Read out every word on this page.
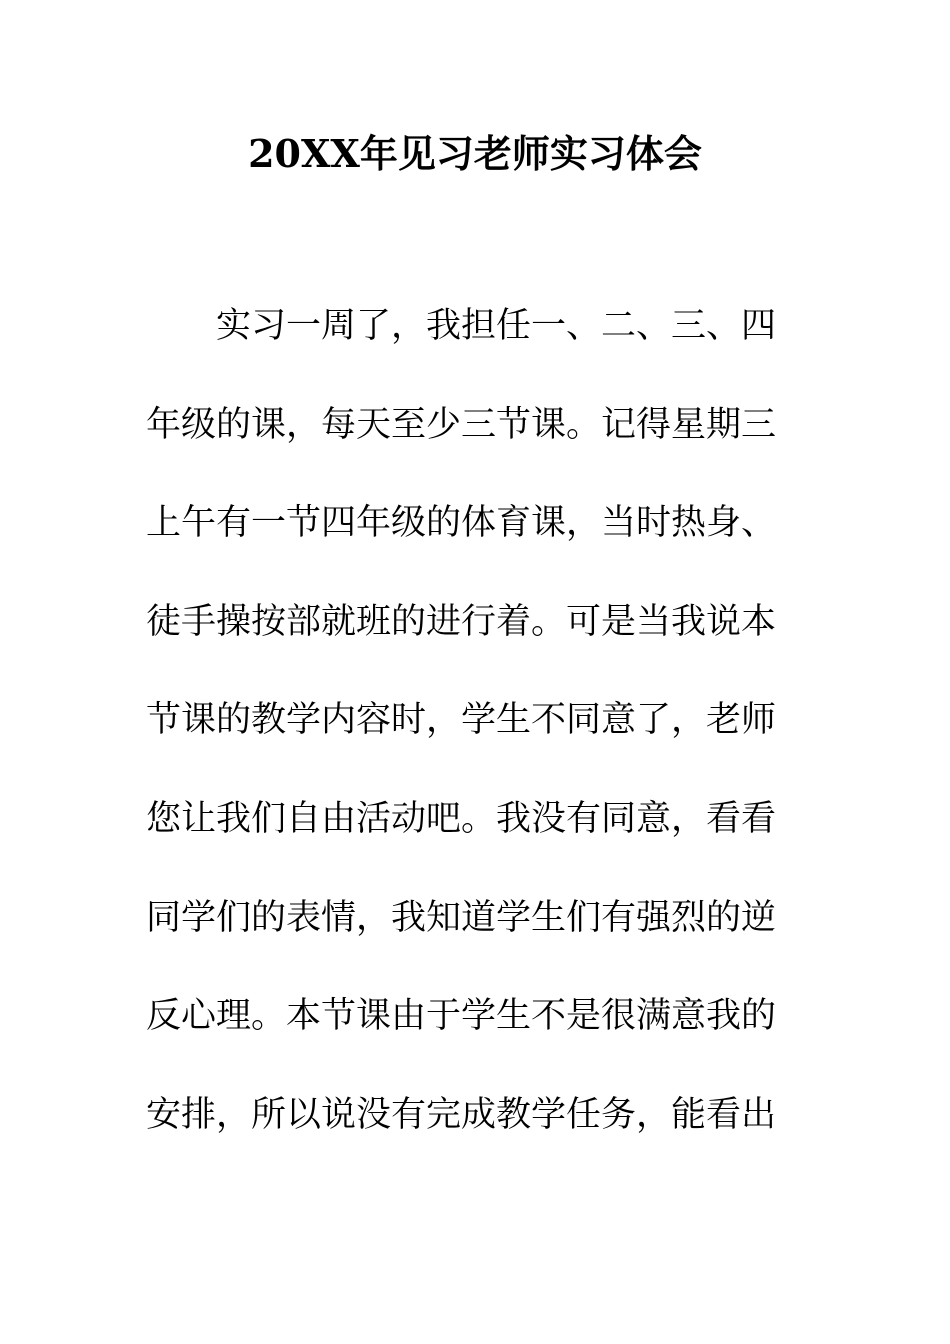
20XX年见习老师实习体会
实习一周了，我担任一、二、三、四
年级的课，每天至少三节课。记得星期三
上午有一节四年级的体育课，当时热身、
徒手操按部就班的进行着。可是当我说本
节课的教学内容时，学生不同意了，老师
您让我们自由活动吧。我没有同意，看看
同学们的表情，我知道学生们有强烈的逆
反心理。本节课由于学生不是很满意我的
安排，所以说没有完成教学任务，能看出
